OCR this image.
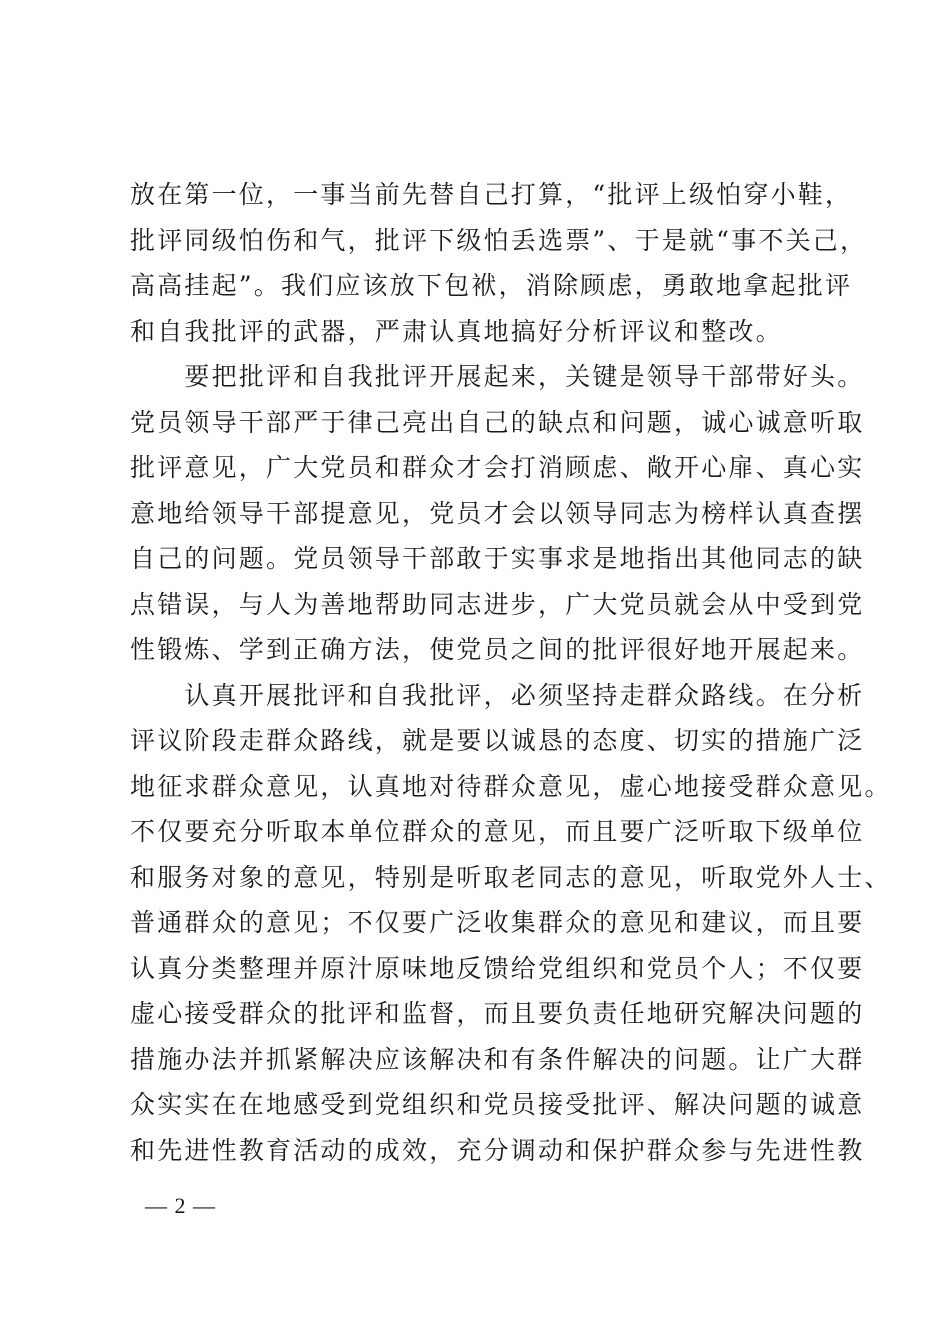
放在第一位，一事当前先替自己打算，“批评上级怕穿小鞋，
批评同级怕伤和气，批评下级怕丢选票”、于是就“事不关己，
高高挂起”。我们应该放下包袱，消除顾虑，勇敢地拿起批评
和自我批评的武器，严肃认真地搞好分析评议和整改。
　　要把批评和自我批评开展起来，关键是领导干部带好头。
党员领导干部严于律己亮出自己的缺点和问题，诚心诚意听取
批评意见，广大党员和群众才会打消顾虑、敞开心扉、真心实
意地给领导干部提意见，党员才会以领导同志为榜样认真查摆
自己的问题。党员领导干部敢于实事求是地指出其他同志的缺
点错误，与人为善地帮助同志进步，广大党员就会从中受到党
性锻炼、学到正确方法，使党员之间的批评很好地开展起来。
　　认真开展批评和自我批评，必须坚持走群众路线。在分析
评议阶段走群众路线，就是要以诚恳的态度、切实的措施广泛
地征求群众意见，认真地对待群众意见，虚心地接受群众意见。
不仅要充分听取本单位群众的意见，而且要广泛听取下级单位
和服务对象的意见，特别是听取老同志的意见，听取党外人士、
普通群众的意见；不仅要广泛收集群众的意见和建议，而且要
认真分类整理并原汁原味地反馈给党组织和党员个人；不仅要
虚心接受群众的批评和监督，而且要负责任地研究解决问题的
措施办法并抓紧解决应该解决和有条件解决的问题。让广大群
众实实在在地感受到党组织和党员接受批评、解决问题的诚意
和先进性教育活动的成效，充分调动和保护群众参与先进性教
— 2 —
